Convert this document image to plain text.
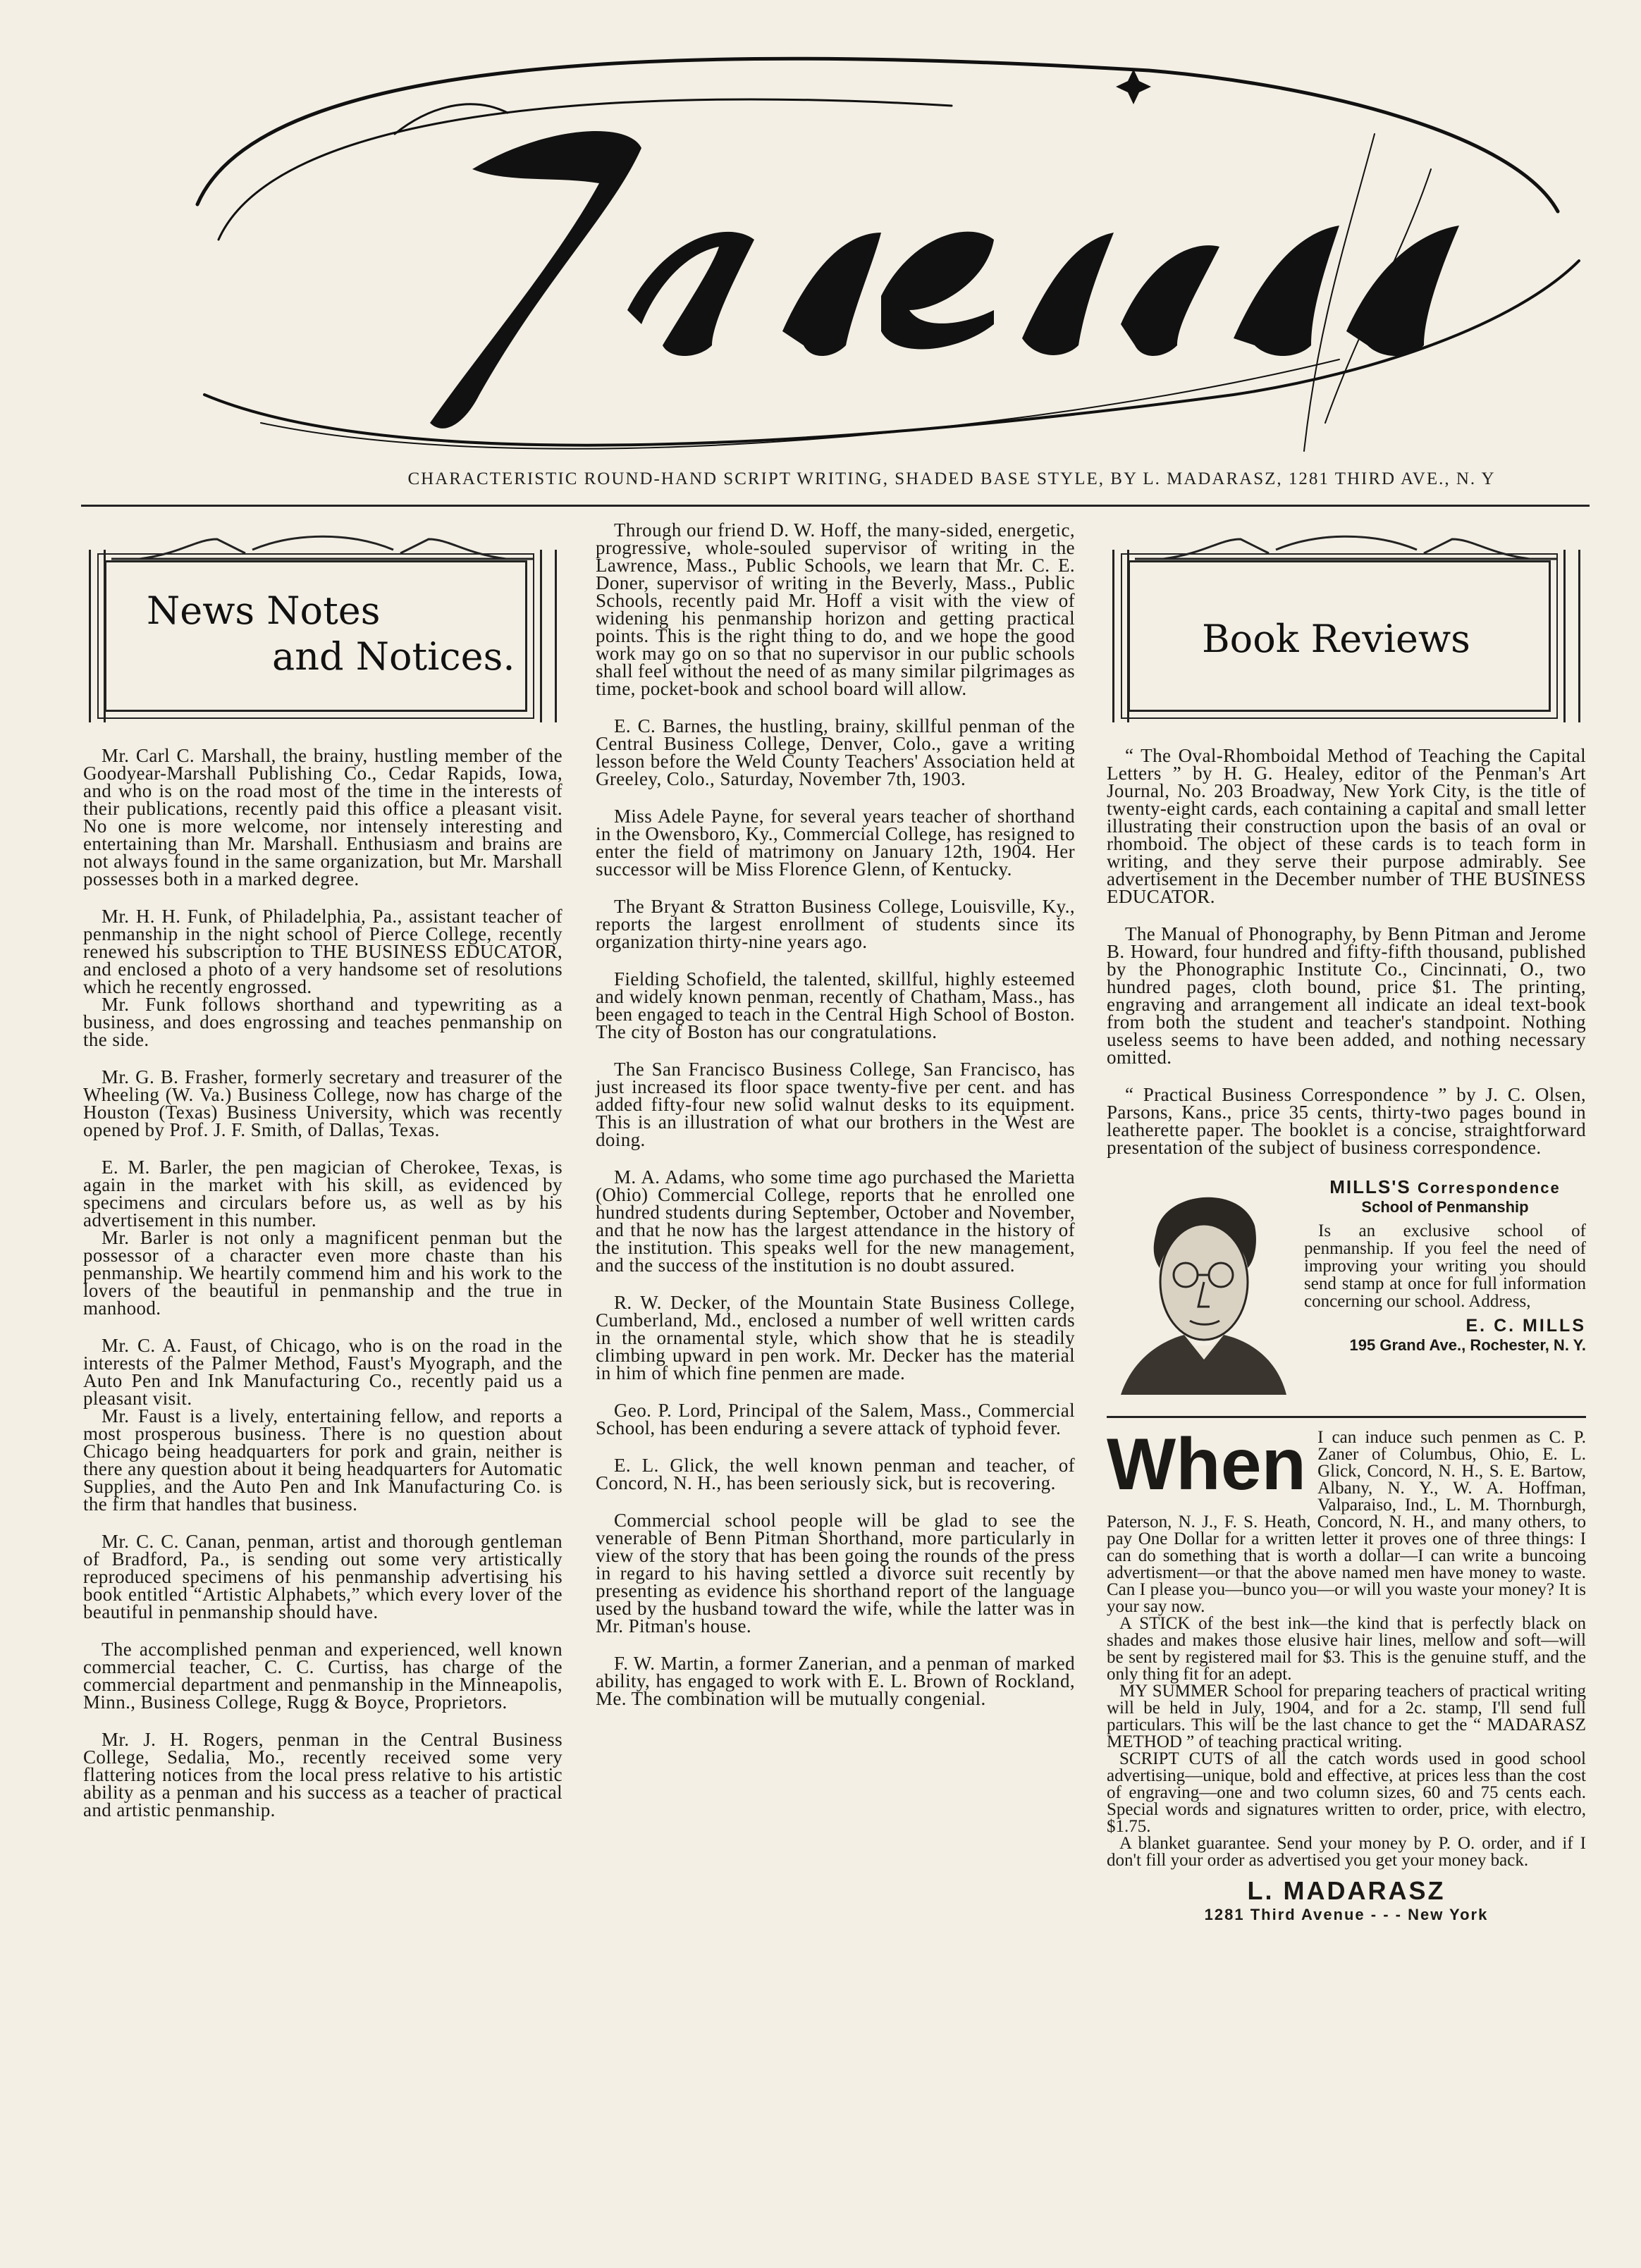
CHARACTERISTIC ROUND-HAND SCRIPT WRITING, SHADED BASE STYLE, BY L. MADARASZ, 1281 THIRD AVE., N. Y
News Notes
and Notices.

Mr. Carl C. Marshall, the brainy, hustling member of the Goodyear-Marshall Publishing Co., Cedar Rapids, Iowa, and who is on the road most of the time in the interests of their publications, recently paid this office a pleasant visit. No one is more welcome, nor intensely interesting and entertaining than Mr. Marshall. Enthusiasm and brains are not always found in the same organization, but Mr. Marshall possesses both in a marked degree.

Mr. H. H. Funk, of Philadelphia, Pa., assistant teacher of penmanship in the night school of Pierce College, recently renewed his subscription to THE BUSINESS EDUCATOR, and enclosed a photo of a very handsome set of resolutions which he recently engrossed.

Mr. Funk follows shorthand and typewriting as a business, and does engrossing and teaches penmanship on the side.

Mr. G. B. Frasher, formerly secretary and treasurer of the Wheeling (W. Va.) Business College, now has charge of the Houston (Texas) Business University, which was recently opened by Prof. J. F. Smith, of Dallas, Texas.

E. M. Barler, the pen magician of Cherokee, Texas, is again in the market with his skill, as evidenced by specimens and circulars before us, as well as by his advertisement in this number.

Mr. Barler is not only a magnificent penman but the possessor of a character even more chaste than his penmanship. We heartily commend him and his work to the lovers of the beautiful in penmanship and the true in manhood.

Mr. C. A. Faust, of Chicago, who is on the road in the interests of the Palmer Method, Faust's Myograph, and the Auto Pen and Ink Manufacturing Co., recently paid us a pleasant visit.

Mr. Faust is a lively, entertaining fellow, and reports a most prosperous business. There is no question about Chicago being headquarters for pork and grain, neither is there any question about it being headquarters for Automatic Supplies, and the Auto Pen and Ink Manufacturing Co. is the firm that handles that business.

Mr. C. C. Canan, penman, artist and thorough gentleman of Bradford, Pa., is sending out some very artistically reproduced specimens of his penmanship advertising his book entitled “Artistic Alphabets,” which every lover of the beautiful in penmanship should have.

The accomplished penman and experienced, well known commercial teacher, C. C. Curtiss, has charge of the commercial department and penmanship in the Minneapolis, Minn., Business College, Rugg & Boyce, Proprietors.

Mr. J. H. Rogers, penman in the Central Business College, Sedalia, Mo., recently received some very flattering notices from the local press relative to his artistic ability as a penman and his success as a teacher of practical and artistic penmanship.

Through our friend D. W. Hoff, the many-sided, energetic, progressive, whole-souled supervisor of writing in the Lawrence, Mass., Public Schools, we learn that Mr. C. E. Doner, supervisor of writing in the Beverly, Mass., Public Schools, recently paid Mr. Hoff a visit with the view of widening his penmanship horizon and getting practical points. This is the right thing to do, and we hope the good work may go on so that no supervisor in our public schools shall feel without the need of as many similar pilgrimages as time, pocket-book and school board will allow.

E. C. Barnes, the hustling, brainy, skillful penman of the Central Business College, Denver, Colo., gave a writing lesson before the Weld County Teachers' Association held at Greeley, Colo., Saturday, November 7th, 1903.

Miss Adele Payne, for several years teacher of shorthand in the Owensboro, Ky., Commercial College, has resigned to enter the field of matrimony on January 12th, 1904. Her successor will be Miss Florence Glenn, of Kentucky.

The Bryant & Stratton Business College, Louisville, Ky., reports the largest enrollment of students since its organization thirty-nine years ago.

Fielding Schofield, the talented, skillful, highly esteemed and widely known penman, recently of Chatham, Mass., has been engaged to teach in the Central High School of Boston. The city of Boston has our congratulations.

The San Francisco Business College, San Francisco, has just increased its floor space twenty-five per cent. and has added fifty-four new solid walnut desks to its equipment. This is an illustration of what our brothers in the West are doing.

M. A. Adams, who some time ago purchased the Marietta (Ohio) Commercial College, reports that he enrolled one hundred students during September, October and November, and that he now has the largest attendance in the history of the institution. This speaks well for the new management, and the success of the institution is no doubt assured.

R. W. Decker, of the Mountain State Business College, Cumberland, Md., enclosed a number of well written cards in the ornamental style, which show that he is steadily climbing upward in pen work. Mr. Decker has the material in him of which fine penmen are made.

Geo. P. Lord, Principal of the Salem, Mass., Commercial School, has been enduring a severe attack of typhoid fever.

E. L. Glick, the well known penman and teacher, of Concord, N. H., has been seriously sick, but is recovering.

Commercial school people will be glad to see the venerable of Benn Pitman Shorthand, more particularly in view of the story that has been going the rounds of the press in regard to his having settled a divorce suit recently by presenting as evidence his shorthand report of the language used by the husband toward the wife, while the latter was in Mr. Pitman's house.

F. W. Martin, a former Zanerian, and a penman of marked ability, has engaged to work with E. L. Brown of Rockland, Me. The combination will be mutually congenial.

Book Reviews

“ The Oval-Rhomboidal Method of Teaching the Capital Letters ” by H. G. Healey, editor of the Penman's Art Journal, No. 203 Broadway, New York City, is the title of twenty-eight cards, each containing a capital and small letter illustrating their construction upon the basis of an oval or rhomboid. The object of these cards is to teach form in writing, and they serve their purpose admirably. See advertisement in the December number of THE BUSINESS EDUCATOR.

The Manual of Phonography, by Benn Pitman and Jerome B. Howard, four hundred and fifty-fifth thousand, published by the Phonographic Institute Co., Cincinnati, O., two hundred pages, cloth bound, price $1. The printing, engraving and arrangement all indicate an ideal text-book from both the student and teacher's standpoint. Nothing useless seems to have been added, and nothing necessary omitted.

“ Practical Business Correspondence ” by J. C. Olsen, Parsons, Kans., price 35 cents, thirty-two pages bound in leatherette paper. The booklet is a concise, straightforward presentation of the subject of business correspondence.

MILLS'S Correspondence
School of Penmanship
Is an exclusive school of penmanship. If you feel the need of improving your writing you should send stamp at once for full information concerning our school. Address,
E. C. MILLS
195 Grand Ave., Rochester, N. Y.
When I can induce such penmen as C. P. Zaner of Columbus, Ohio, E. L. Glick, Concord, N. H., S. E. Bartow, Albany, N. Y., W. A. Hoffman, Valparaiso, Ind., L. M. Thornburgh, Paterson, N. J., F. S. Heath, Concord, N. H., and many others, to pay One Dollar for a written letter it proves one of three things: I can do something that is worth a dollar—I can write a buncoing advertisment—or that the above named men have money to waste. Can I please you—bunco you—or will you waste your money? It is your say now.

A STICK of the best ink—the kind that is perfectly black on shades and makes those elusive hair lines, mellow and soft—will be sent by registered mail for $3. This is the genuine stuff, and the only thing fit for an adept.

MY SUMMER School for preparing teachers of practical writing will be held in July, 1904, and for a 2c. stamp, I'll send full particulars. This will be the last chance to get the “ MADARASZ METHOD ” of teaching practical writing.

SCRIPT CUTS of all the catch words used in good school advertising—unique, bold and effective, at prices less than the cost of engraving—one and two column sizes, 60 and 75 cents each. Special words and signatures written to order, price, with electro, $1.75.

A blanket guarantee. Send your money by P. O. order, and if I don't fill your order as advertised you get your money back.

L. MADARASZ
1281 Third Avenue - - - New York
